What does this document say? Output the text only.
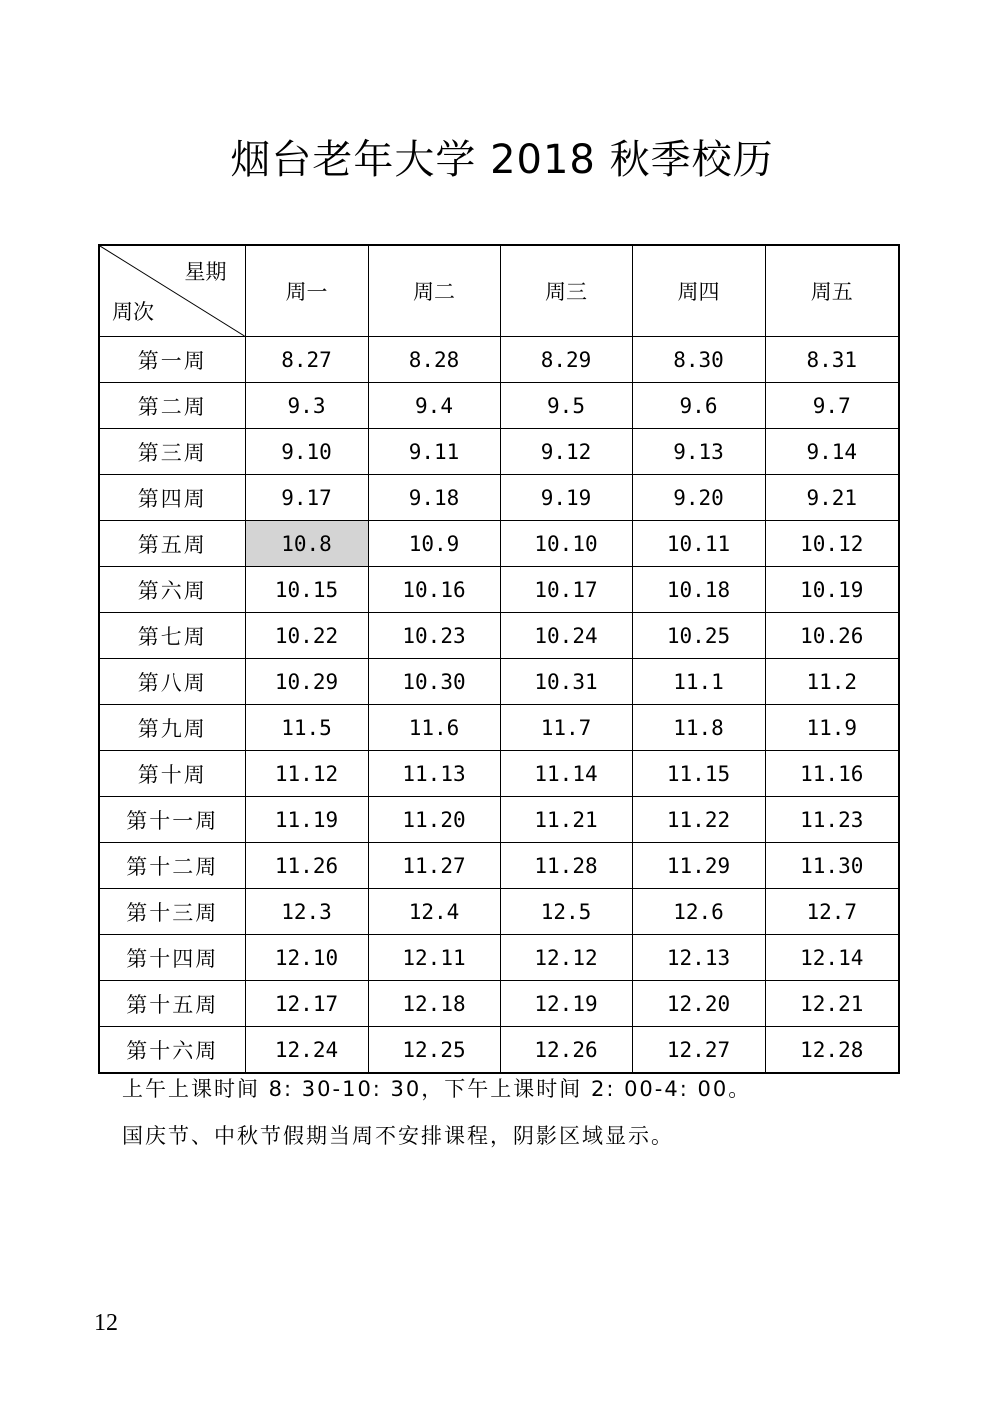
烟台老年大学 2018 秋季校历
星期
周次	周一	周二	周三	周四	周五
第一周	8.27	8.28	8.29	8.30	8.31
第二周	9.3	9.4	9.5	9.6	9.7
第三周	9.10	9.11	9.12	9.13	9.14
第四周	9.17	9.18	9.19	9.20	9.21
第五周	10.8	10.9	10.10	10.11	10.12
第六周	10.15	10.16	10.17	10.18	10.19
第七周	10.22	10.23	10.24	10.25	10.26
第八周	10.29	10.30	10.31	11.1	11.2
第九周	11.5	11.6	11.7	11.8	11.9
第十周	11.12	11.13	11.14	11.15	11.16
第十一周	11.19	11.20	11.21	11.22	11.23
第十二周	11.26	11.27	11.28	11.29	11.30
第十三周	12.3	12.4	12.5	12.6	12.7
第十四周	12.10	12.11	12.12	12.13	12.14
第十五周	12.17	12.18	12.19	12.20	12.21
第十六周	12.24	12.25	12.26	12.27	12.28
上午上课时间 8: 30-10: 30，下午上课时间 2: 00-4: 00。
国庆节、中秋节假期当周不安排课程，阴影区域显示。
12
